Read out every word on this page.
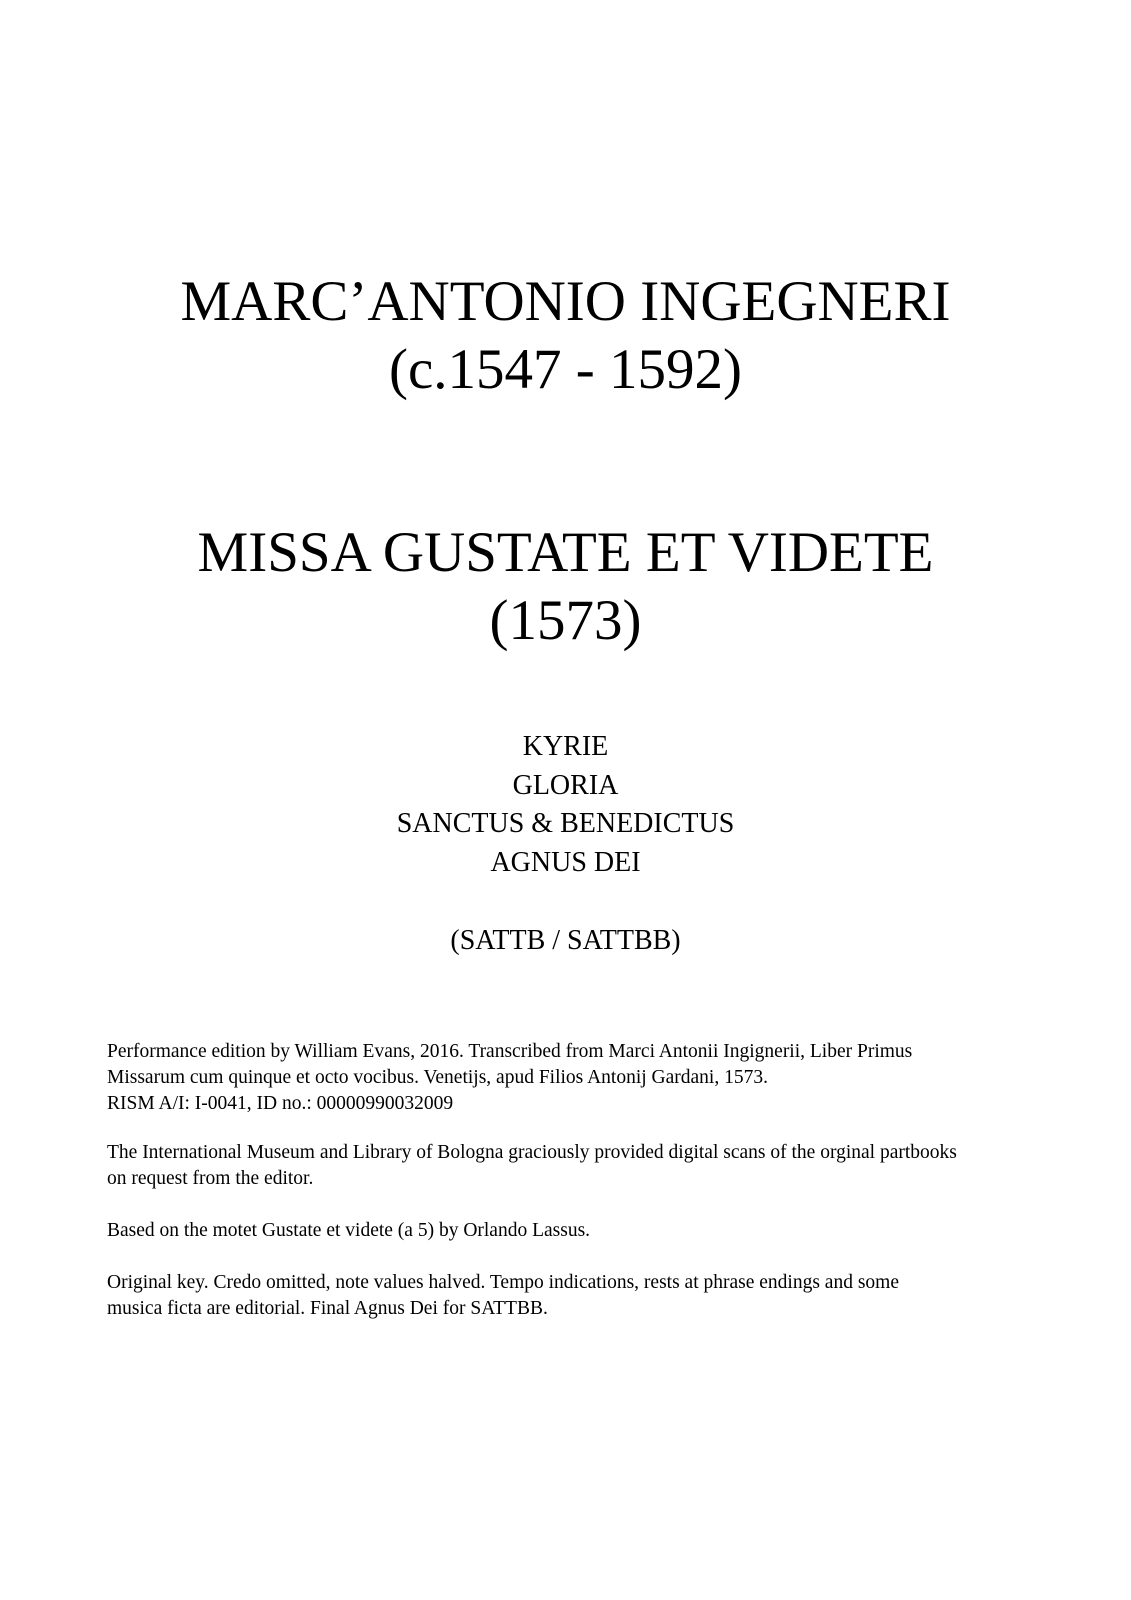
MARC’ANTONIO INGEGNERI
(c.1547 - 1592)
MISSA GUSTATE ET VIDETE
(1573)
KYRIE
GLORIA
SANCTUS & BENEDICTUS
AGNUS DEI
(SATTB / SATTBB)
Performance edition by William Evans, 2016. Transcribed from Marci Antonii Ingignerii, Liber Primus
Missarum cum quinque et octo vocibus. Venetijs, apud Filios Antonij Gardani, 1573.
RISM A/I: I-0041, ID no.: 00000990032009
The International Museum and Library of Bologna graciously provided digital scans of the orginal partbooks
on request from the editor.
Based on the motet Gustate et videte (a 5) by Orlando Lassus.
Original key. Credo omitted, note values halved. Tempo indications, rests at phrase endings and some
musica ficta are editorial. Final Agnus Dei for SATTBB.
